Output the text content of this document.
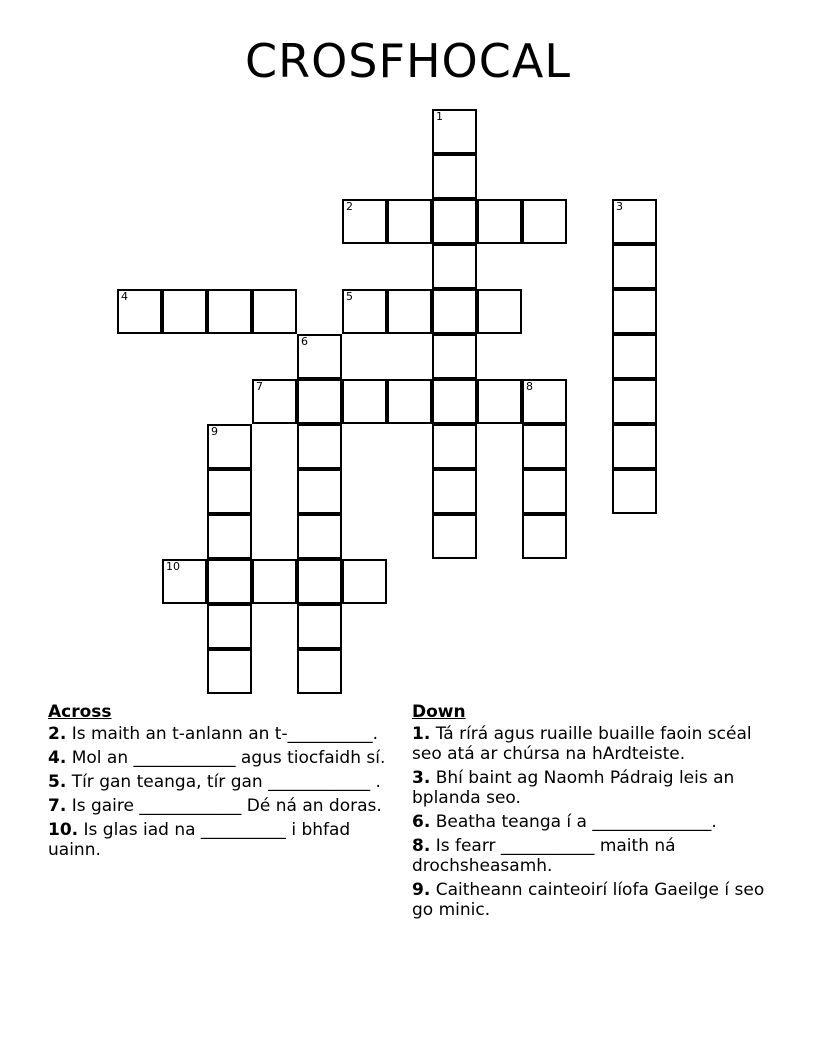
CROSFHOCAL
1
2	3
4	5
6
7	8
9
10
Across
2. Is maith an t-anlann an t-__________.
4. Mol an ____________ agus tiocfaidh sí.
5. Tír gan teanga, tír gan ____________ .
7. Is gaire ____________ Dé ná an doras.
10. Is glas iad na __________ i bhfad uainn.
Down
1. Tá rírá agus ruaille buaille faoin scéal seo atá ar chúrsa na hArdteiste.
3. Bhí baint ag Naomh Pádraig leis an bplanda seo.
6. Beatha teanga í a ______________.
8. Is fearr ___________ maith ná drochsheasamh.
9. Caitheann cainteoirí líofa Gaeilge í seo go minic.
